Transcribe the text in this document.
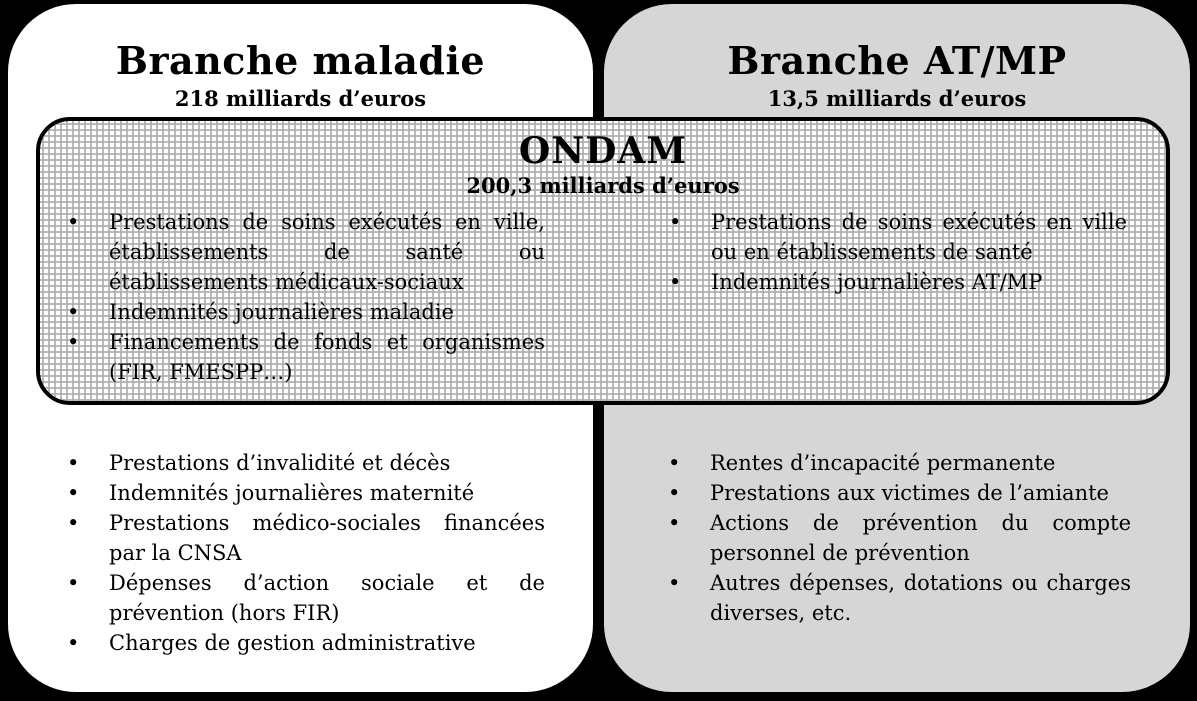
Branche maladie
218 milliards d’euros
• Prestations d’invalidité et décès
• Indemnités journalières maternité
• Prestations médico-sociales financées par la CNSA
• Dépenses d’action sociale et de prévention (hors FIR)
• Charges de gestion administrative
Branche AT/MP
13,5 milliards d’euros
• Rentes d’incapacité permanente
• Prestations aux victimes de l’amiante
• Actions de prévention du compte personnel de prévention
• Autres dépenses, dotations ou charges diverses, etc.
ONDAM
200,3 milliards d’euros
• Prestations de soins exécutés en ville, établissements de santé ou établissements médicaux-sociaux
• Indemnités journalières maladie
• Financements de fonds et organismes (FIR, FMESPP…)
• Prestations de soins exécutés en ville ou en établissements de santé
• Indemnités journalières AT/MP
